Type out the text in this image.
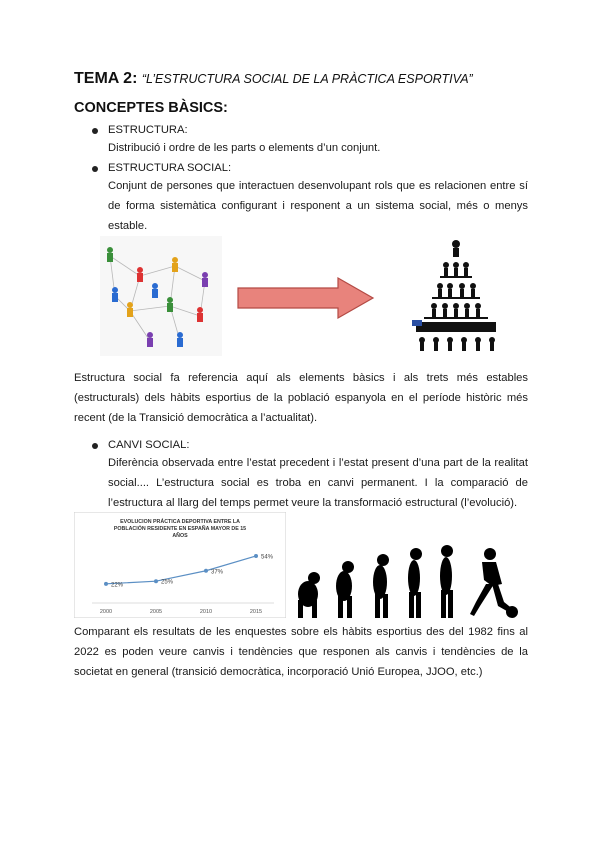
TEMA 2: “L’ESTRUCTURA SOCIAL DE LA PRÀCTICA ESPORTIVA”
CONCEPTES BÀSICS:
ESTRUCTURA:
Distribució i ordre de les parts o elements d’un conjunt.
ESTRUCTURA SOCIAL:
Conjunt de persones que interactuen desenvolupant rols que es relacionen entre sí de forma sistemàtica configurant i responent a un sistema social, més o menys estable.
Estructura social fa referencia aquí als elements bàsics i als trets més estables (estructurals) dels hàbits esportius de la població espanyola en el període històric més recent (de la Transició democràtica a l’actualitat).
CANVI SOCIAL:
Diferència observada entre l’estat precedent i l’estat present d’una part de la realitat social.... L’estructura social es troba en canvi permanent. I la comparació de l’estructura al llarg del temps permet veure la transformació estructural (l’evolució).
EVOLUCION PRÁCTICA DEPORTIVA ENTRE LA
POBLACIÓN RESIDENTE EN ESPAÑA MAYOR DE 15
AÑOS
22%
2000
25%
2005
37%
2010
54%
2015
Comparant els resultats de les enquestes sobre els hàbits esportius des del 1982 fins al 2022 es poden veure canvis i tendències que responen als canvis i tendències de la societat en general (transició democràtica, incorporació Unió Europea, JJOO, etc.)
